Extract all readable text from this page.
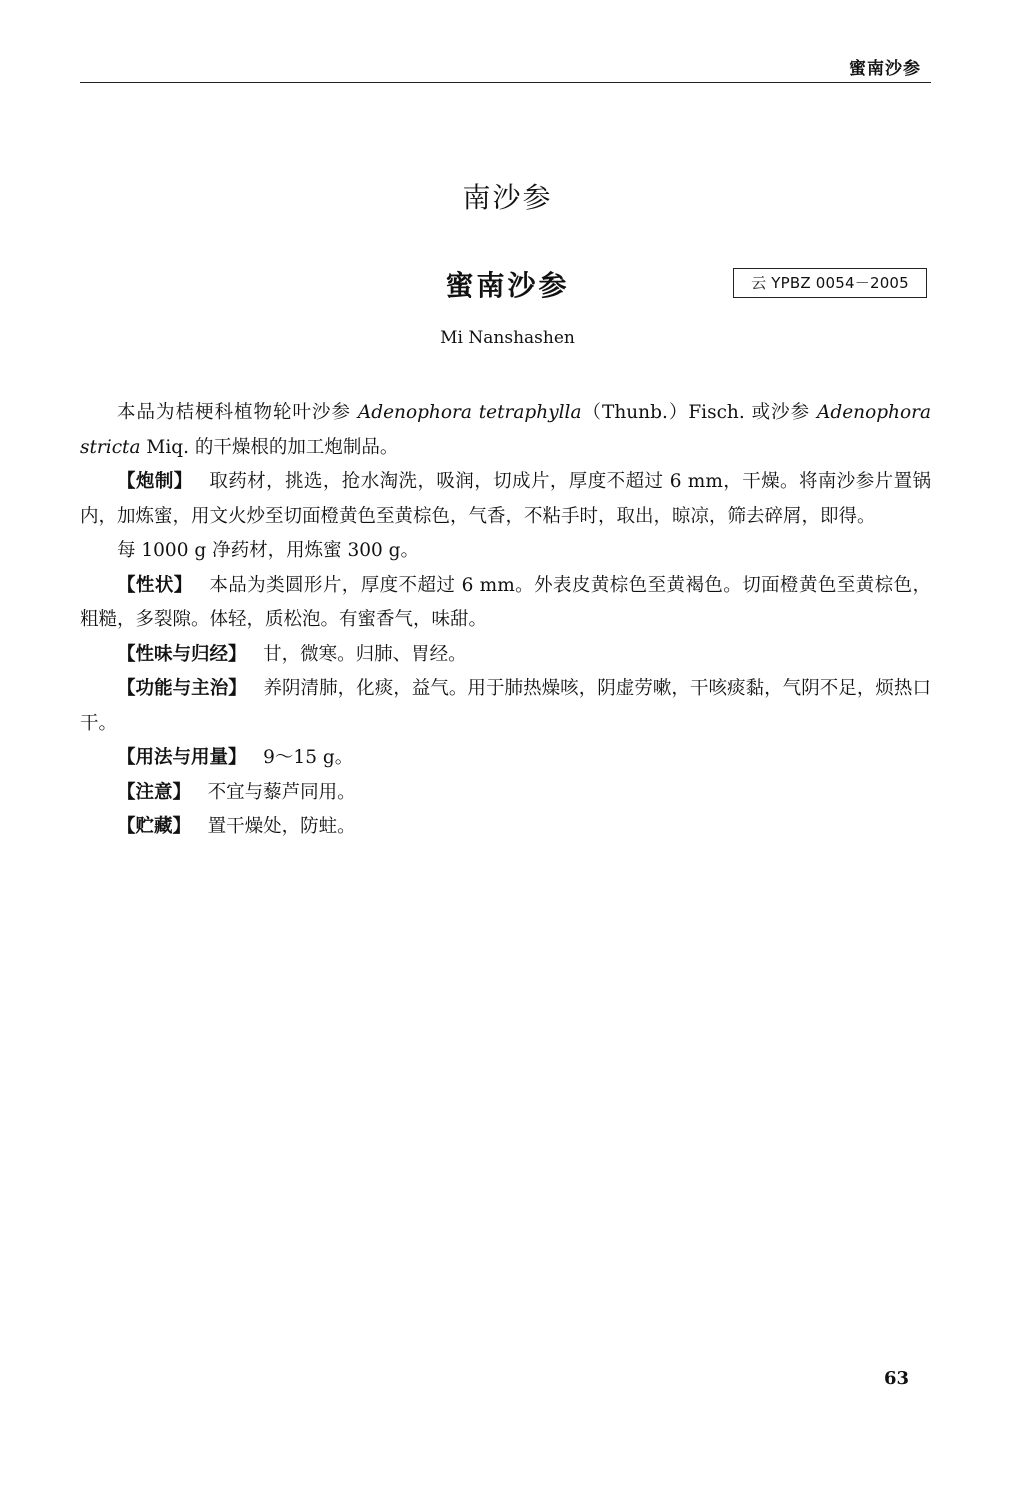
蜜南沙参
南沙参
蜜南沙参	云 YPBZ 0054－2005
Mi Nanshashen

本品为桔梗科植物轮叶沙参 Adenophora tetraphylla（Thunb.）Fisch. 或沙参 Adenophora stricta Miq. 的干燥根的加工炮制品。

【炮制】 取药材，挑选，抢水淘洗，吸润，切成片，厚度不超过 6 mm，干燥。将南沙参片置锅内，加炼蜜，用文火炒至切面橙黄色至黄棕色，气香，不粘手时，取出，晾凉，筛去碎屑，即得。

每 1000 g 净药材，用炼蜜 300 g。

【性状】 本品为类圆形片，厚度不超过 6 mm。外表皮黄棕色至黄褐色。切面橙黄色至黄棕色，粗糙，多裂隙。体轻，质松泡。有蜜香气，味甜。

【性味与归经】 甘，微寒。归肺、胃经。

【功能与主治】 养阴清肺，化痰，益气。用于肺热燥咳，阴虚劳嗽，干咳痰黏，气阴不足，烦热口干。

【用法与用量】 9～15 g。

【注意】 不宜与藜芦同用。

【贮藏】 置干燥处，防蛀。

63
